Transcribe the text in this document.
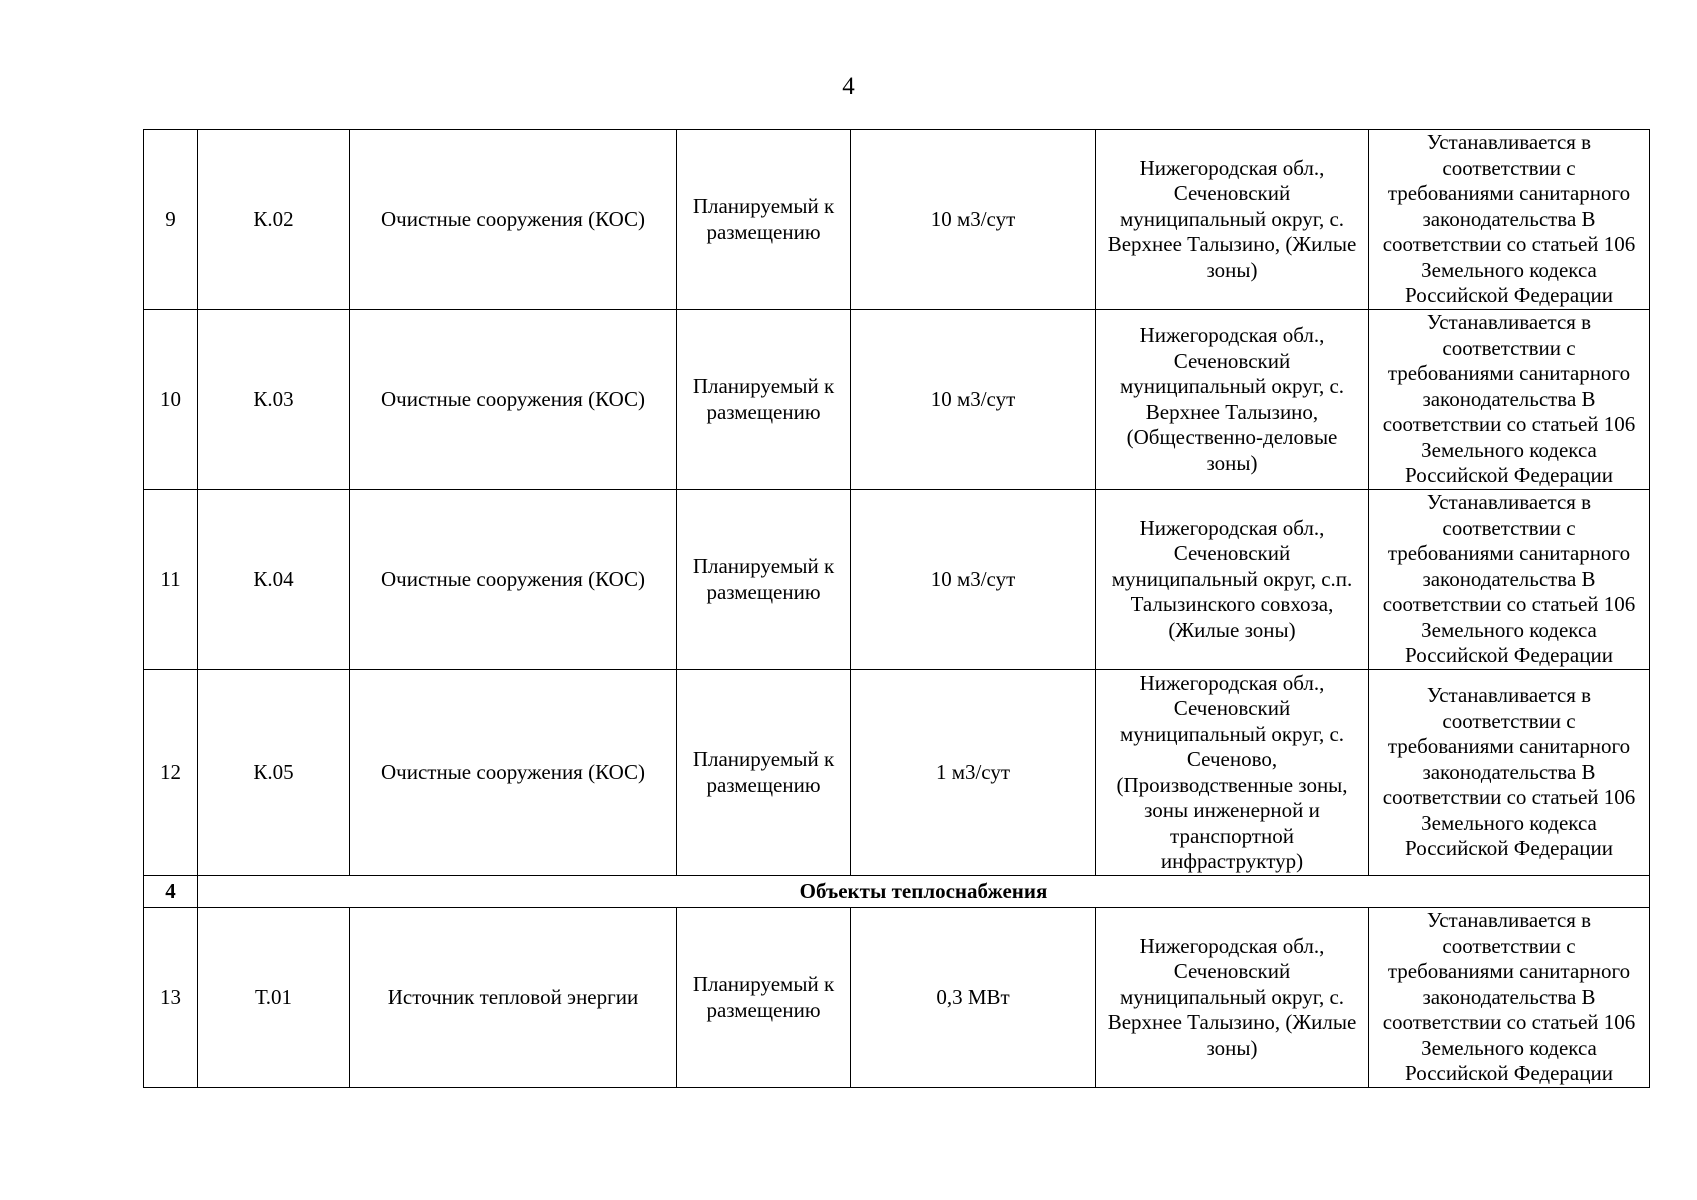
4
9	К.02	Очистные сооружения (КОС)	Планируемый к размещению	10 м3/сут	Нижегородская обл., Сеченовский муниципальный округ, с. Верхнее Талызино, (Жилые зоны)	Устанавливается в соответствии с требованиями санитарного законодательства В соответствии со статьей 106 Земельного кодекса Российской Федерации
10	К.03	Очистные сооружения (КОС)	Планируемый к размещению	10 м3/сут	Нижегородская обл., Сеченовский муниципальный округ, с. Верхнее Талызино, (Общественно-деловые зоны)	Устанавливается в соответствии с требованиями санитарного законодательства В соответствии со статьей 106 Земельного кодекса Российской Федерации
11	К.04	Очистные сооружения (КОС)	Планируемый к размещению	10 м3/сут	Нижегородская обл., Сеченовский муниципальный округ, с.п. Талызинского совхоза, (Жилые зоны)	Устанавливается в соответствии с требованиями санитарного законодательства В соответствии со статьей 106 Земельного кодекса Российской Федерации
12	К.05	Очистные сооружения (КОС)	Планируемый к размещению	1 м3/сут	Нижегородская обл., Сеченовский муниципальный округ, с. Сеченово, (Производственные зоны, зоны инженерной и транспортной инфраструктур)	Устанавливается в соответствии с требованиями санитарного законодательства В соответствии со статьей 106 Земельного кодекса Российской Федерации
4	Объекты теплоснабжения					
13	Т.01	Источник тепловой энергии	Планируемый к размещению	0,3 МВт	Нижегородская обл., Сеченовский муниципальный округ, с. Верхнее Талызино, (Жилые зоны)	Устанавливается в соответствии с требованиями санитарного законодательства В соответствии со статьей 106 Земельного кодекса Российской Федерации
